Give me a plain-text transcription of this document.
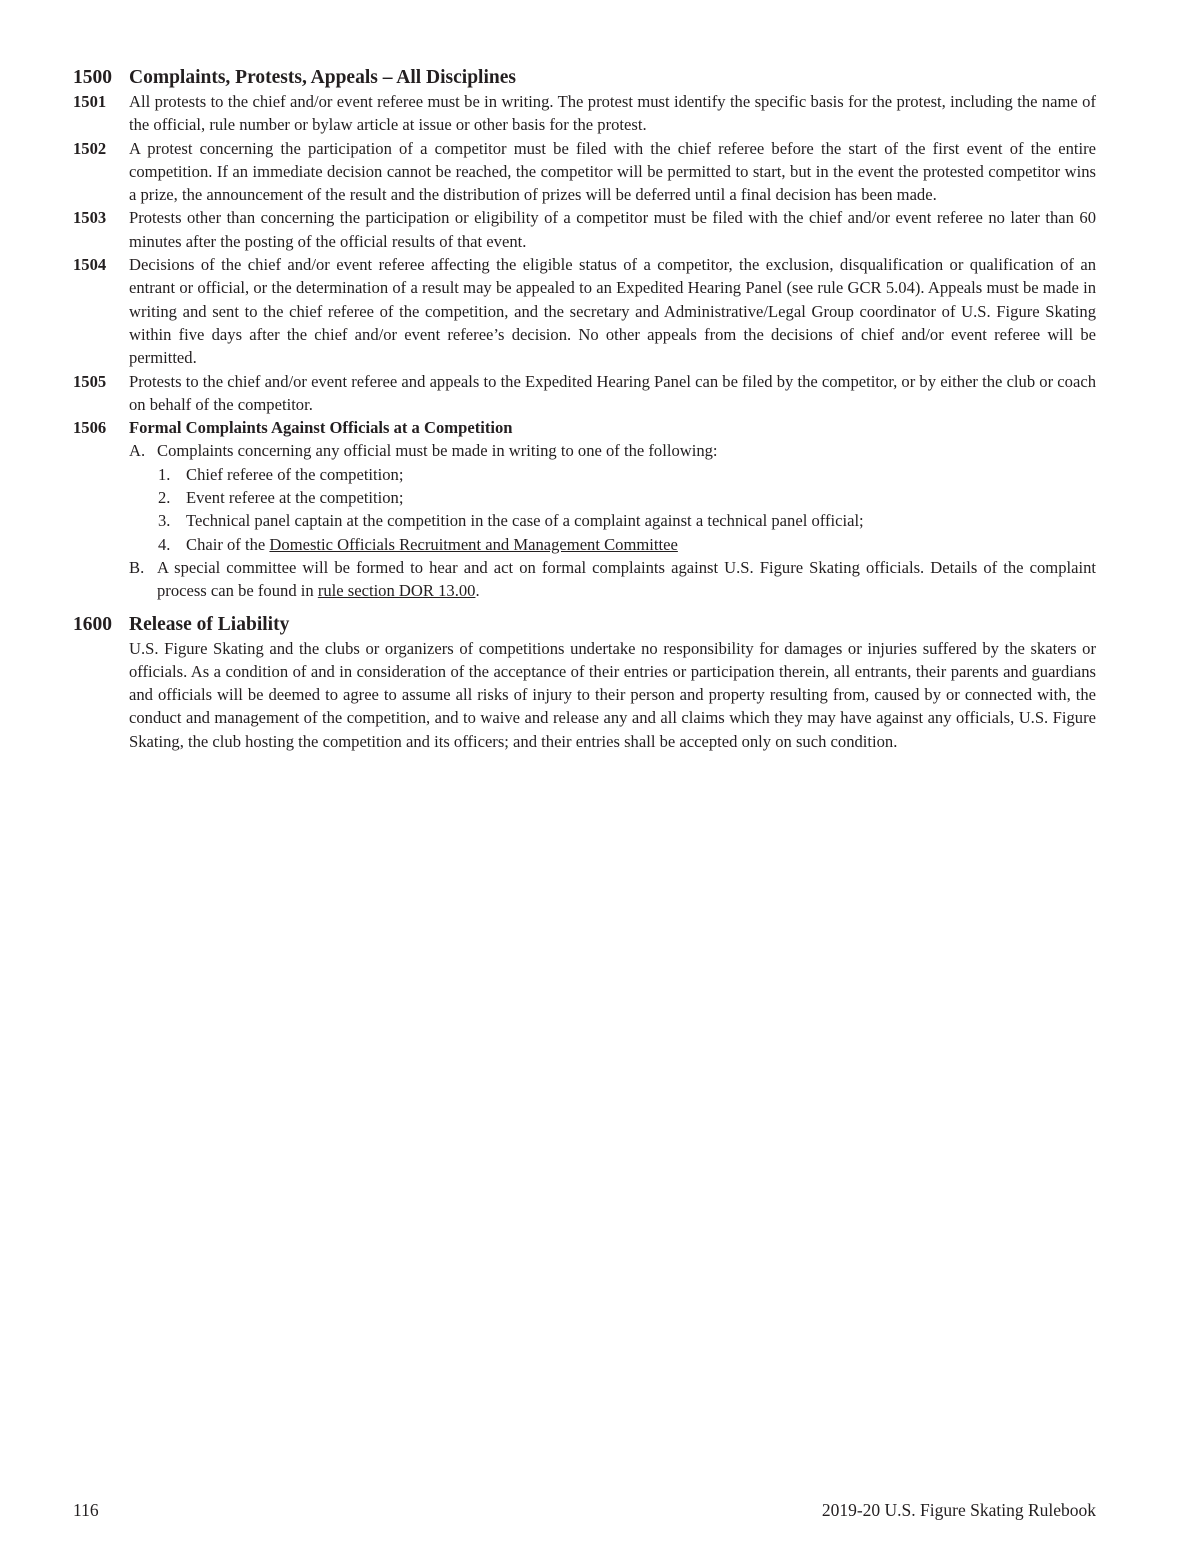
1500 Complaints, Protests, Appeals – All Disciplines
1501	All protests to the chief and/or event referee must be in writing. The protest must identify the specific basis for the protest, including the name of the official, rule number or bylaw article at issue or other basis for the protest.
1502	A protest concerning the participation of a competitor must be filed with the chief referee before the start of the first event of the entire competition. If an immediate decision cannot be reached, the competitor will be permitted to start, but in the event the protested competitor wins a prize, the announcement of the result and the distribution of prizes will be deferred until a final decision has been made.
1503	Protests other than concerning the participation or eligibility of a competitor must be filed with the chief and/or event referee no later than 60 minutes after the posting of the official results of that event.
1504	Decisions of the chief and/or event referee affecting the eligible status of a competitor, the exclusion, disqualification or qualification of an entrant or official, or the determination of a result may be appealed to an Expedited Hearing Panel (see rule GCR 5.04). Appeals must be made in writing and sent to the chief referee of the competition, and the secretary and Administrative/Legal Group coordinator of U.S. Figure Skating within five days after the chief and/or event referee’s decision. No other appeals from the decisions of chief and/or event referee will be permitted.
1505	Protests to the chief and/or event referee and appeals to the Expedited Hearing Panel can be filed by the competitor, or by either the club or coach on behalf of the competitor.
1506	Formal Complaints Against Officials at a Competition
A. Complaints concerning any official must be made in writing to one of the following:
1. Chief referee of the competition;
2. Event referee at the competition;
3. Technical panel captain at the competition in the case of a complaint against a technical panel official;
4. Chair of the Domestic Officials Recruitment and Management Committee
B. A special committee will be formed to hear and act on formal complaints against U.S. Figure Skating officials. Details of the complaint process can be found in rule section DOR 13.00.
1600 Release of Liability
U.S. Figure Skating and the clubs or organizers of competitions undertake no responsibility for damages or injuries suffered by the skaters or officials. As a condition of and in consideration of the acceptance of their entries or participation therein, all entrants, their parents and guardians and officials will be deemed to agree to assume all risks of injury to their person and property resulting from, caused by or connected with, the conduct and management of the competition, and to waive and release any and all claims which they may have against any officials, U.S. Figure Skating, the club hosting the competition and its officers; and their entries shall be accepted only on such condition.
116	2019-20 U.S. Figure Skating Rulebook
